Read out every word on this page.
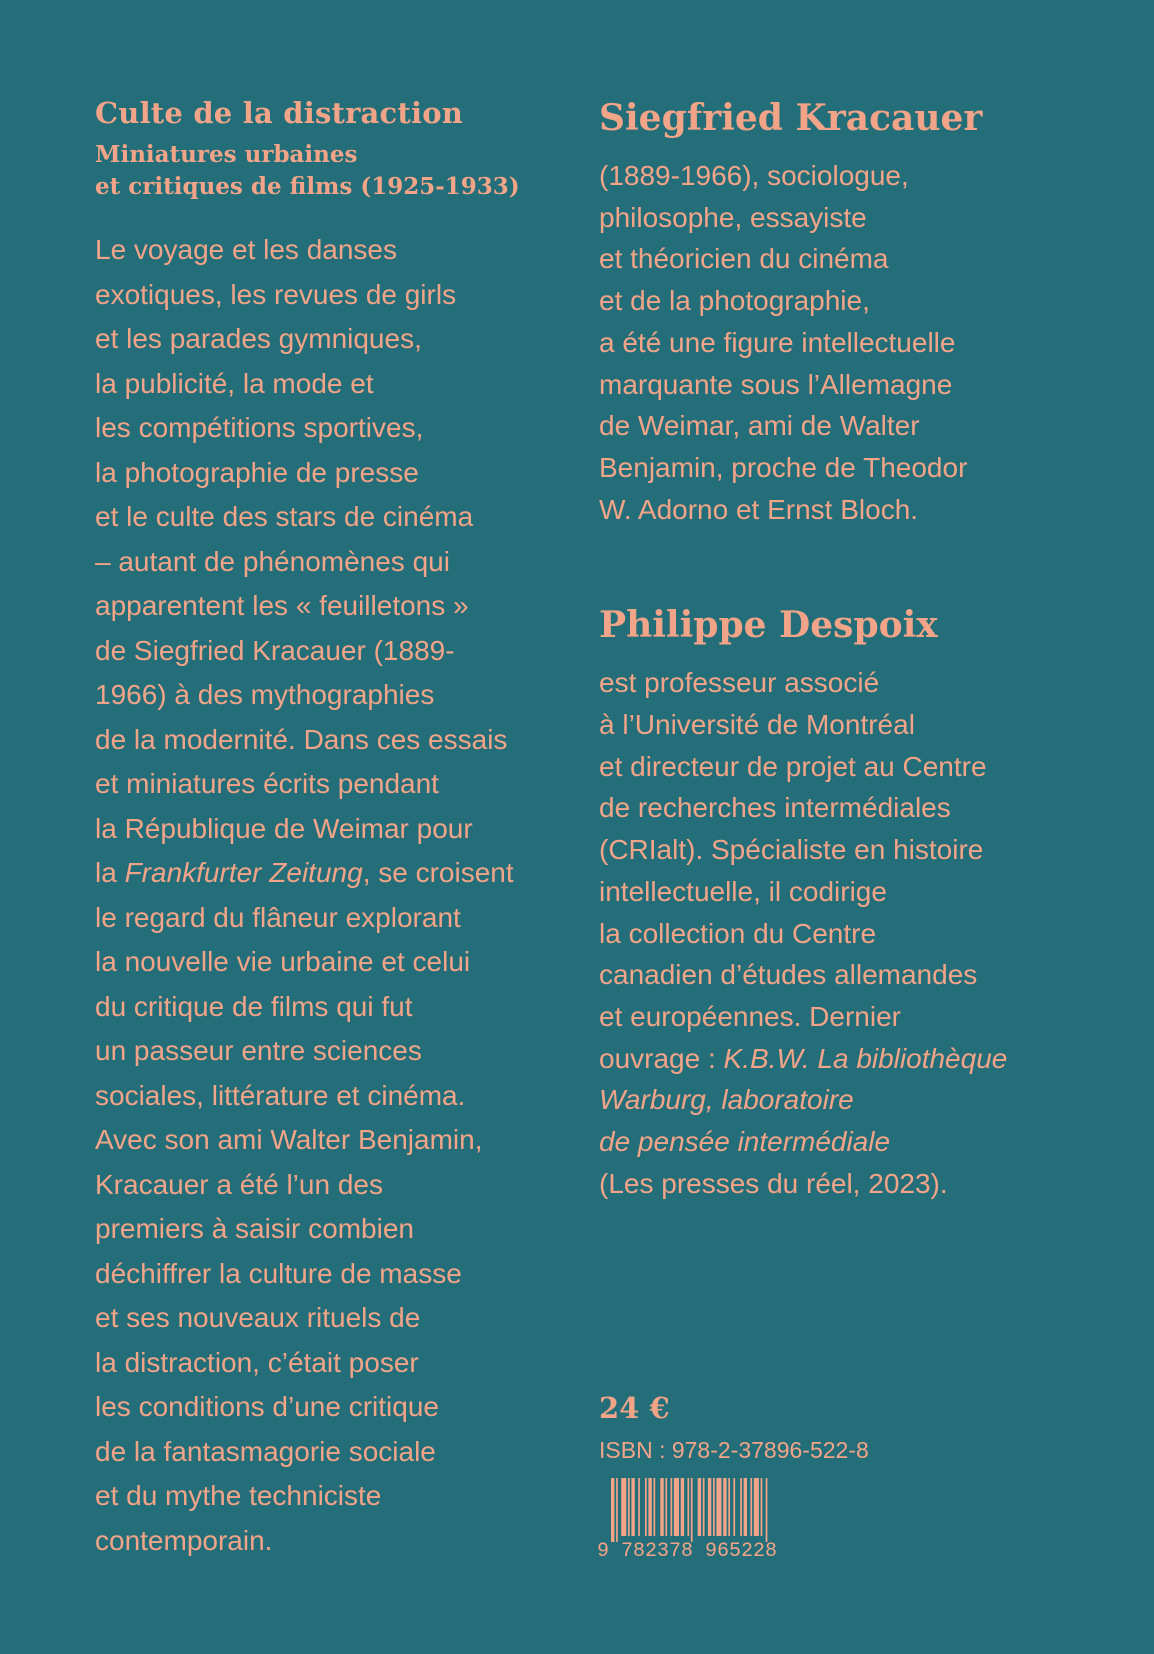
Culte de la distraction
Miniatures urbaines
et critiques de films (1925-1933)
Le voyage et les danses
exotiques, les revues de girls
et les parades gymniques,
la publicité, la mode et
les compétitions sportives,
la photographie de presse
et le culte des stars de cinéma
– autant de phénomènes qui
apparentent les « feuilletons »
de Siegfried Kracauer (1889-
1966) à des mythographies
de la modernité. Dans ces essais
et miniatures écrits pendant
la République de Weimar pour
la Frankfurter Zeitung, se croisent
le regard du flâneur explorant
la nouvelle vie urbaine et celui
du critique de films qui fut
un passeur entre sciences
sociales, littérature et cinéma.
Avec son ami Walter Benjamin,
Kracauer a été l’un des
premiers à saisir combien
déchiffrer la culture de masse
et ses nouveaux rituels de
la distraction, c’était poser
les conditions d’une critique
de la fantasmagorie sociale
et du mythe techniciste
contemporain.
Siegfried Kracauer
(1889-1966), sociologue,
philosophe, essayiste
et théoricien du cinéma
et de la photographie,
a été une figure intellectuelle
marquante sous l’Allemagne
de Weimar, ami de Walter
Benjamin, proche de Theodor
W. Adorno et Ernst Bloch.
Philippe Despoix
est professeur associé
à l’Université de Montréal
et directeur de projet au Centre
de recherches intermédiales
(CRIalt). Spécialiste en histoire
intellectuelle, il codirige
la collection du Centre
canadien d’études allemandes
et européennes. Dernier
ouvrage : K.B.W. La bibliothèque
Warburg, laboratoire
de pensée intermédiale
(Les presses du réel, 2023).
24 €
ISBN : 978-2-37896-522-8
9 782378 965228
